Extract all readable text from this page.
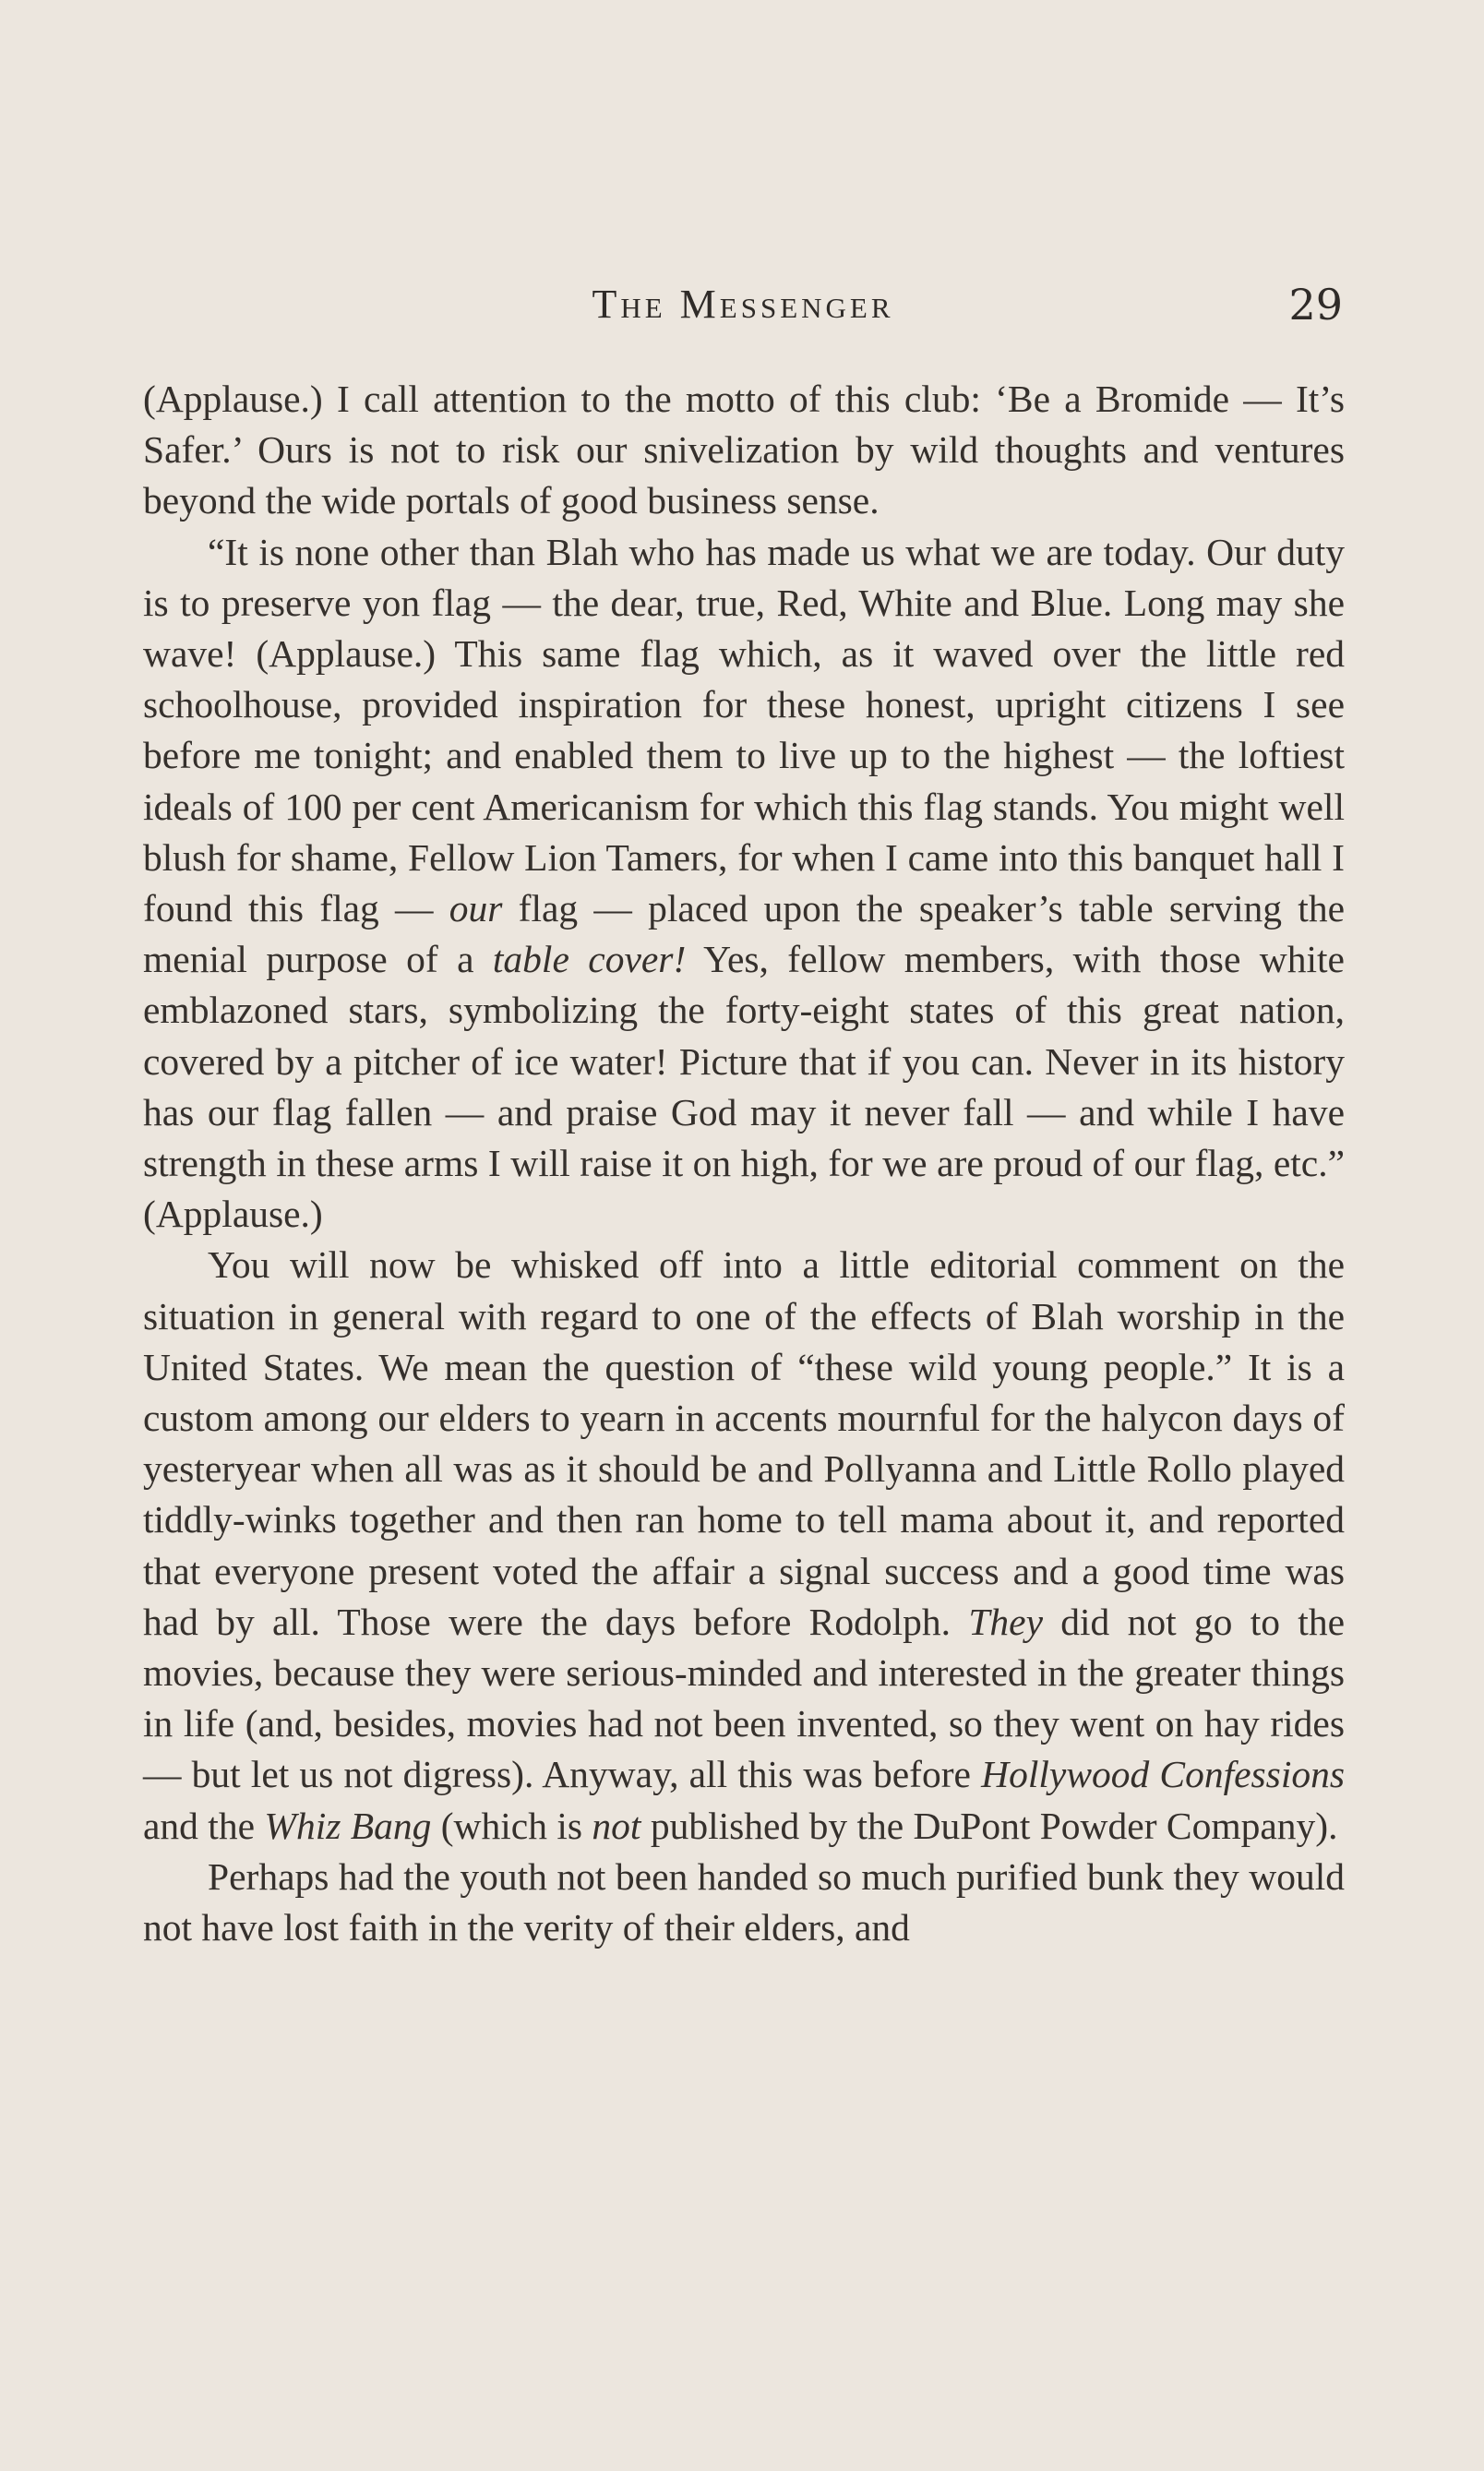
The Messenger	29

(Applause.) I call attention to the motto of this club: ‘Be a Bromide — It’s Safer.’ Ours is not to risk our snivelization by wild thoughts and ventures beyond the wide portals of good business sense.

“It is none other than Blah who has made us what we are today. Our duty is to preserve yon flag — the dear, true, Red, White and Blue. Long may she wave! (Applause.) This same flag which, as it waved over the little red schoolhouse, provided inspiration for these honest, upright citizens I see before me tonight; and enabled them to live up to the highest — the loftiest ideals of 100 per cent Americanism for which this flag stands. You might well blush for shame, Fellow Lion Tamers, for when I came into this banquet hall I found this flag — our flag — placed upon the speaker’s table serving the menial purpose of a table cover! Yes, fellow members, with those white emblazoned stars, symbolizing the forty-eight states of this great nation, covered by a pitcher of ice water! Picture that if you can. Never in its history has our flag fallen — and praise God may it never fall — and while I have strength in these arms I will raise it on high, for we are proud of our flag, etc.” (Applause.)

You will now be whisked off into a little editorial comment on the situation in general with regard to one of the effects of Blah worship in the United States. We mean the question of “these wild young people.” It is a custom among our elders to yearn in accents mournful for the halycon days of yesteryear when all was as it should be and Pollyanna and Little Rollo played tiddly-winks together and then ran home to tell mama about it, and reported that everyone present voted the affair a signal success and a good time was had by all. Those were the days before Rodolph. They did not go to the movies, because they were serious-minded and interested in the greater things in life (and, besides, movies had not been invented, so they went on hay rides — but let us not digress). Anyway, all this was before Hollywood Confessions and the Whiz Bang (which is not published by the DuPont Powder Company).

Perhaps had the youth not been handed so much purified bunk they would not have lost faith in the verity of their elders, and
